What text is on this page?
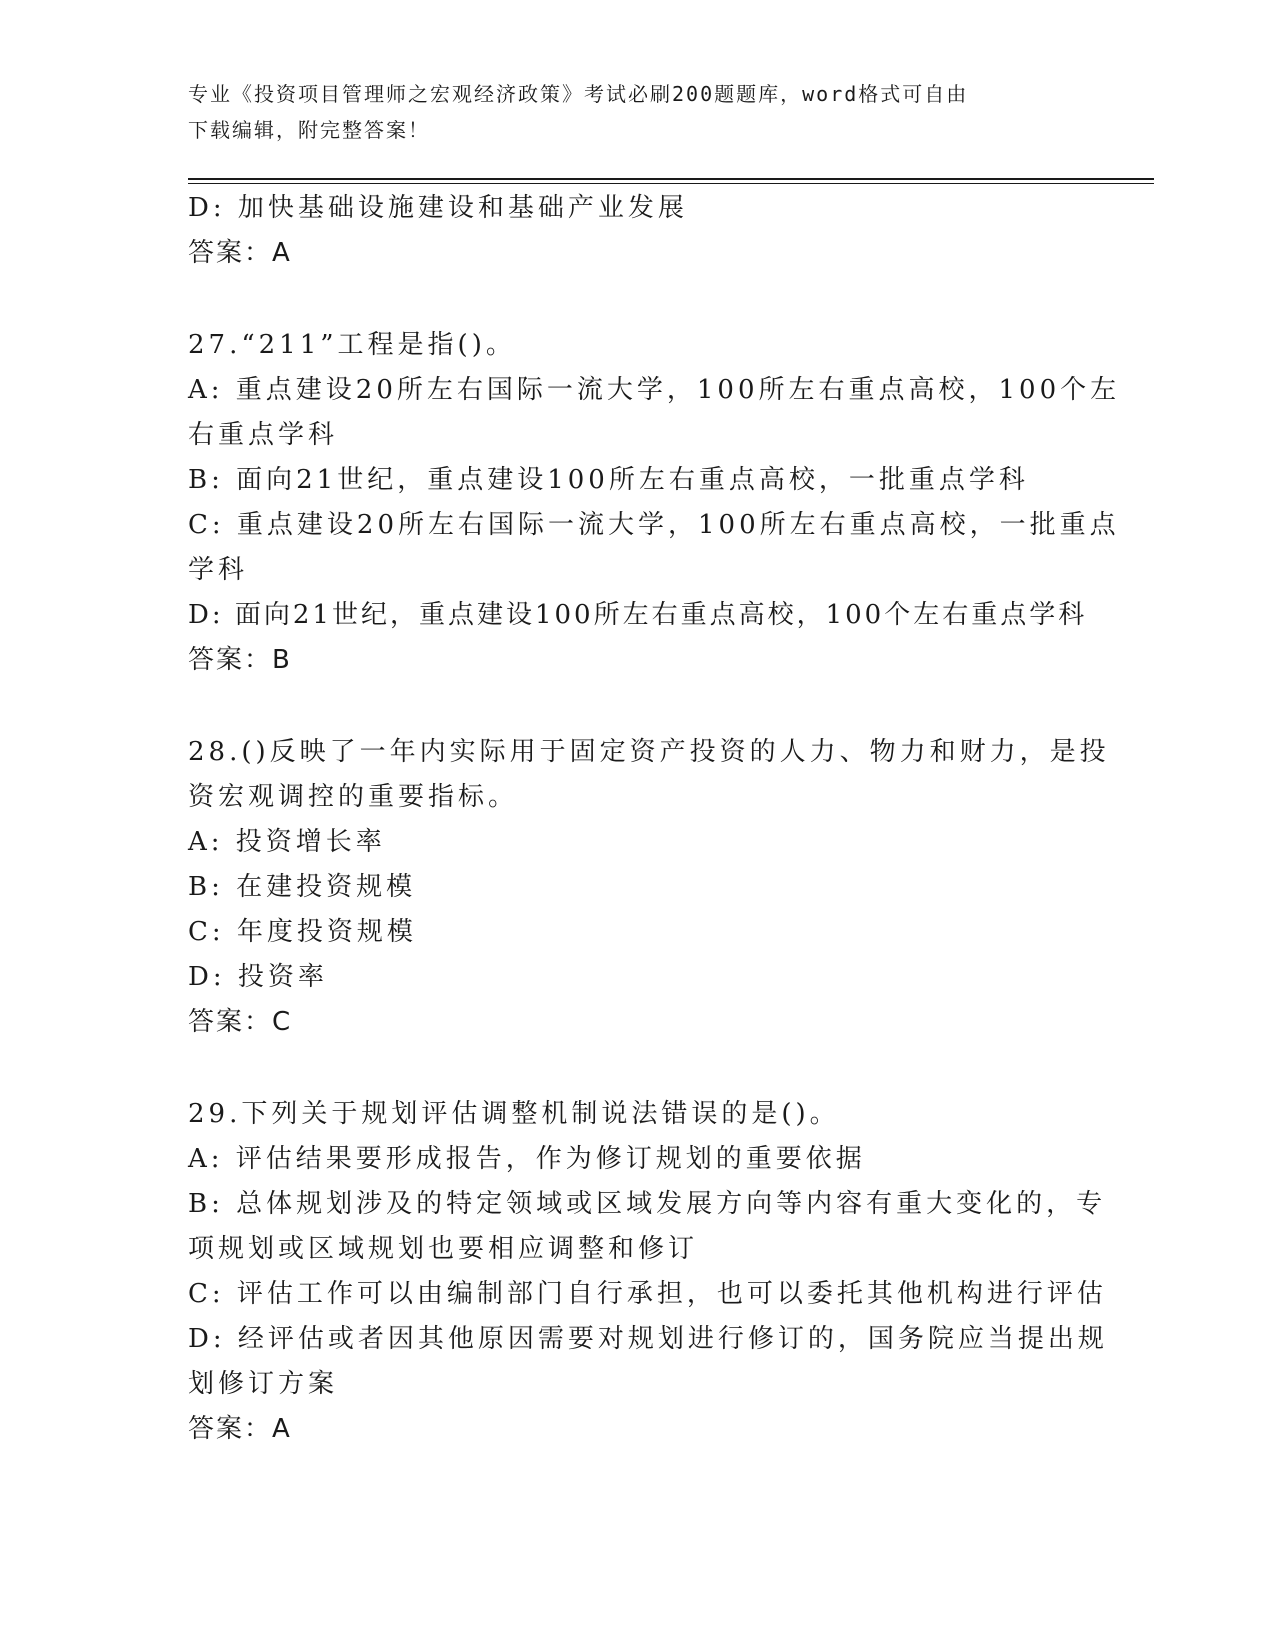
专业《投资项目管理师之宏观经济政策》考试必刷200题题库，word格式可自由
下载编辑，附完整答案！
D: 加快基础设施建设和基础产业发展
答案：A
27.“211”工程是指()。
A: 重点建设20所左右国际一流大学，100所左右重点高校，100个左
右重点学科
B: 面向21世纪，重点建设100所左右重点高校，一批重点学科
C: 重点建设20所左右国际一流大学，100所左右重点高校，一批重点
学科
D: 面向21世纪，重点建设100所左右重点高校，100个左右重点学科
答案：B
28.()反映了一年内实际用于固定资产投资的人力、物力和财力，是投
资宏观调控的重要指标。
A: 投资增长率
B: 在建投资规模
C: 年度投资规模
D: 投资率
答案：C
29.下列关于规划评估调整机制说法错误的是()。
A: 评估结果要形成报告，作为修订规划的重要依据
B: 总体规划涉及的特定领域或区域发展方向等内容有重大变化的，专
项规划或区域规划也要相应调整和修订
C: 评估工作可以由编制部门自行承担，也可以委托其他机构进行评估
D: 经评估或者因其他原因需要对规划进行修订的，国务院应当提出规
划修订方案
答案：A
